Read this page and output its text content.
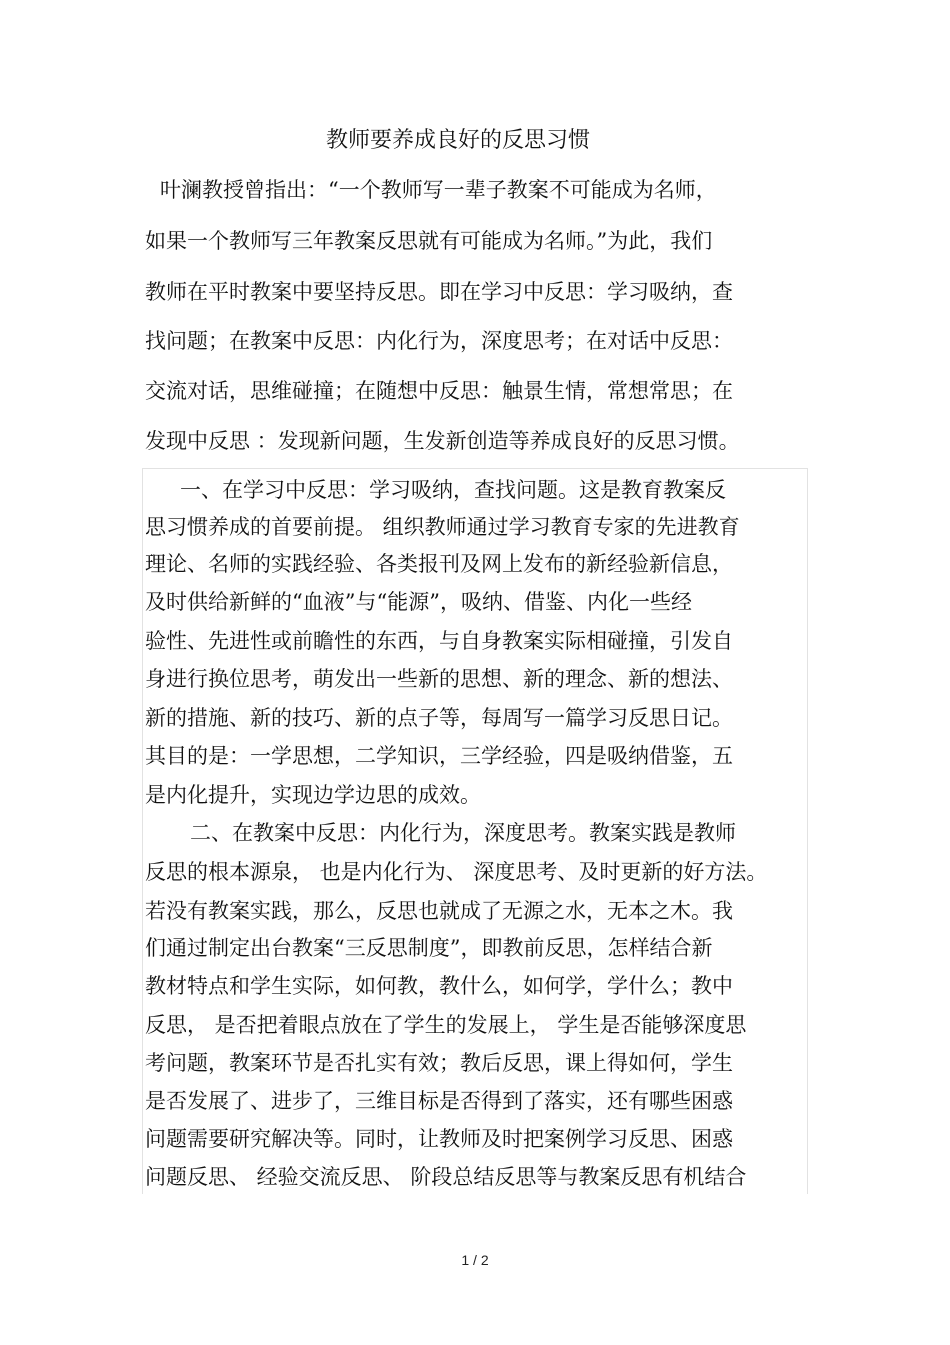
教师要养成良好的反思习惯
叶澜教授曾指出：“一个教师写一辈子教案不可能成为名师，
如果一个教师写三年教案反思就有可能成为名师。”为此，我们
教师在平时教案中要坚持反思。即在学习中反思：学习吸纳，查
找问题；在教案中反思：内化行为，深度思考；在对话中反思：
交流对话，思维碰撞；在随想中反思：触景生情，常想常思；在
发现中反思 ：发现新问题，生发新创造等养成良好的反思习惯。
一、在学习中反思：学习吸纳，查找问题。这是教育教案反
思习惯养成的首要前提。 组织教师通过学习教育专家的先进教育
理论、名师的实践经验、各类报刊及网上发布的新经验新信息，
及时供给新鲜的“血液”与“能源”，吸纳、借鉴、内化一些经
验性、先进性或前瞻性的东西，与自身教案实际相碰撞，引发自
身进行换位思考，萌发出一些新的思想、新的理念、新的想法、
新的措施、新的技巧、新的点子等，每周写一篇学习反思日记。
其目的是：一学思想，二学知识，三学经验，四是吸纳借鉴，五
是内化提升，实现边学边思的成效。
二、在教案中反思：内化行为，深度思考。教案实践是教师
反思的根本源泉， 也是内化行为、 深度思考、及时更新的好方法。
若没有教案实践，那么，反思也就成了无源之水，无本之木。我
们通过制定出台教案“三反思制度”，即教前反思，怎样结合新
教材特点和学生实际，如何教，教什么，如何学，学什么；教中
反思， 是否把着眼点放在了学生的发展上， 学生是否能够深度思
考问题，教案环节是否扎实有效；教后反思，课上得如何，学生
是否发展了、进步了，三维目标是否得到了落实，还有哪些困惑
问题需要研究解决等。同时，让教师及时把案例学习反思、困惑
问题反思、 经验交流反思、 阶段总结反思等与教案反思有机结合
1 / 2
